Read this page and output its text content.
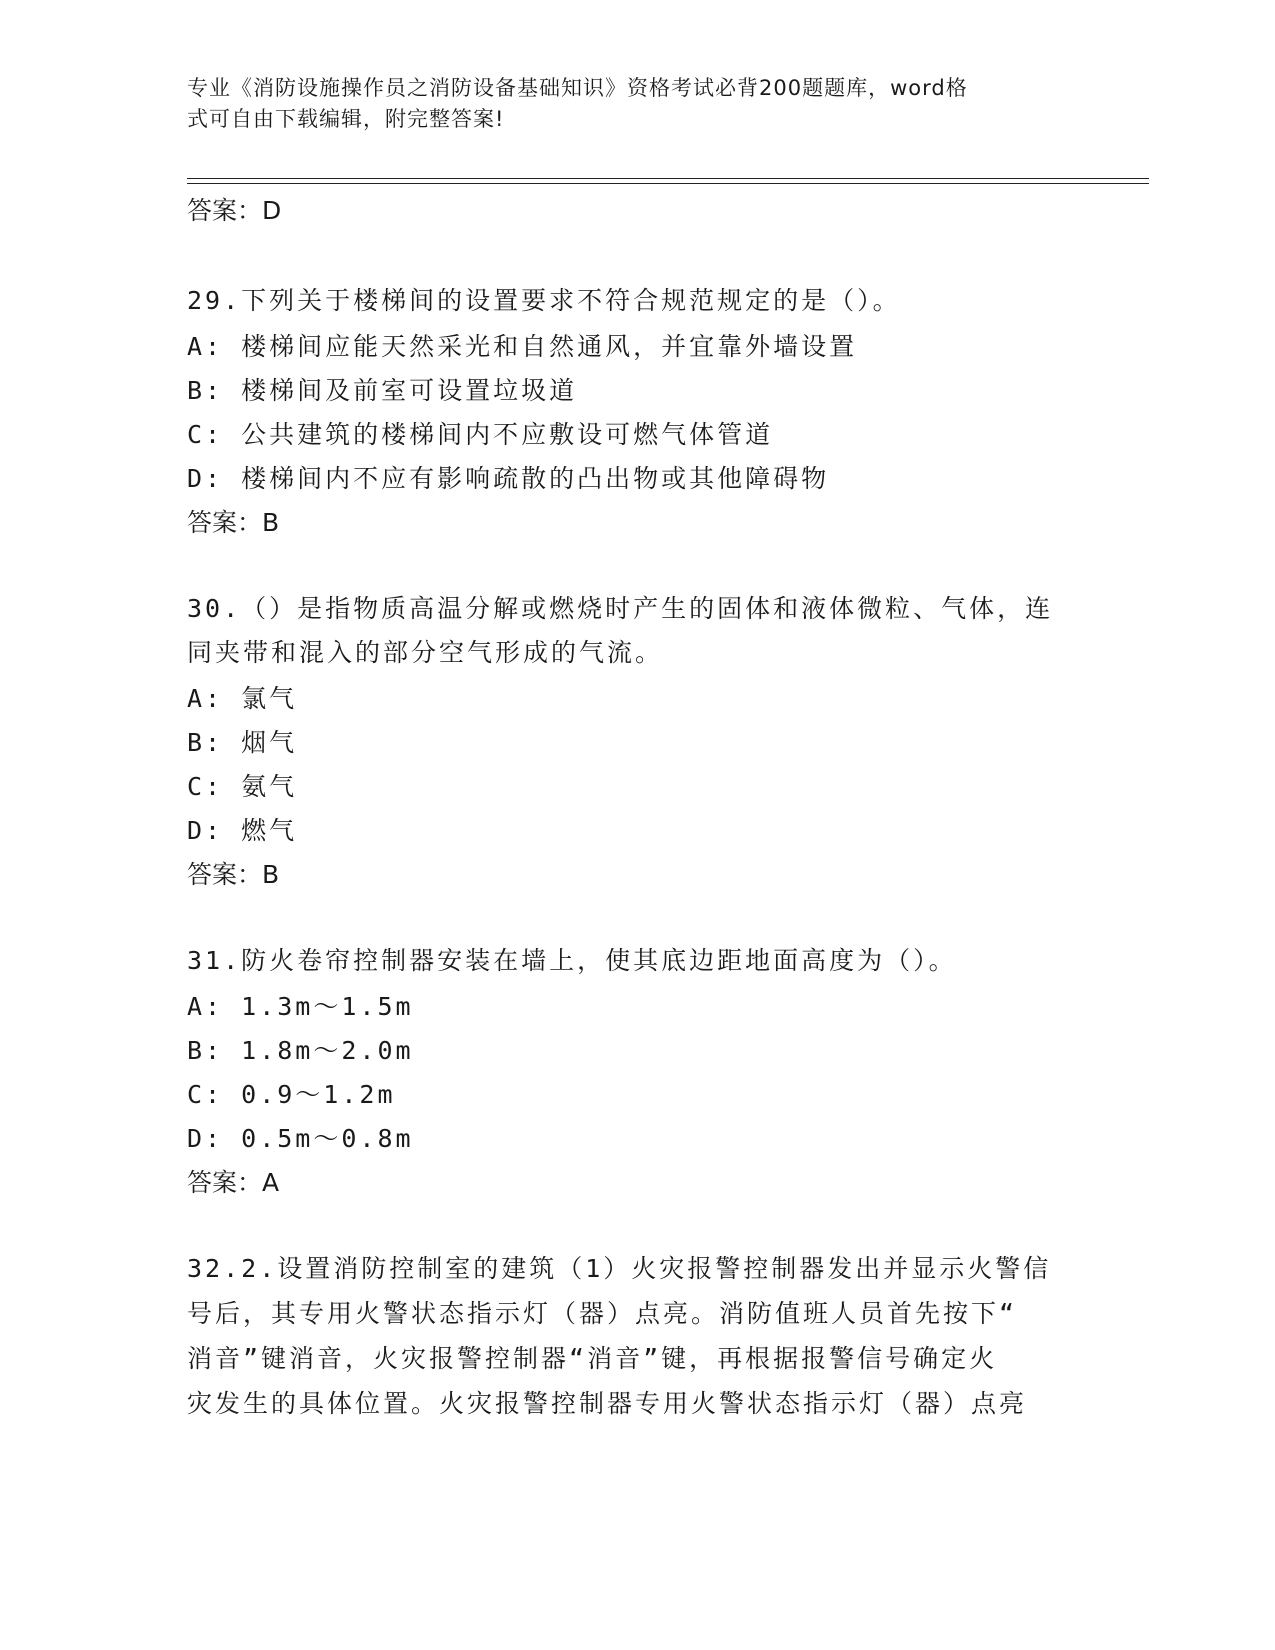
专业《消防设施操作员之消防设备基础知识》资格考试必背200题题库，word格
式可自由下载编辑，附完整答案!
答案：D
29.下列关于楼梯间的设置要求不符合规范规定的是（）。
A: 楼梯间应能天然采光和自然通风，并宜靠外墙设置
B: 楼梯间及前室可设置垃圾道
C: 公共建筑的楼梯间内不应敷设可燃气体管道
D: 楼梯间内不应有影响疏散的凸出物或其他障碍物
答案：B
30.（）是指物质高温分解或燃烧时产生的固体和液体微粒、气体，连
同夹带和混入的部分空气形成的气流。
A: 氯气
B: 烟气
C: 氨气
D: 燃气
答案：B
31.防火卷帘控制器安装在墙上，使其底边距地面高度为（）。
A: 1.3m～1.5m
B: 1.8m～2.0m
C: 0.9～1.2m
D: 0.5m～0.8m
答案：A
32.2.设置消防控制室的建筑（1）火灾报警控制器发出并显示火警信
号后，其专用火警状态指示灯（器）点亮。消防值班人员首先按下“
消音”键消音，火灾报警控制器“消音”键，再根据报警信号确定火
灾发生的具体位置。火灾报警控制器专用火警状态指示灯（器）点亮
